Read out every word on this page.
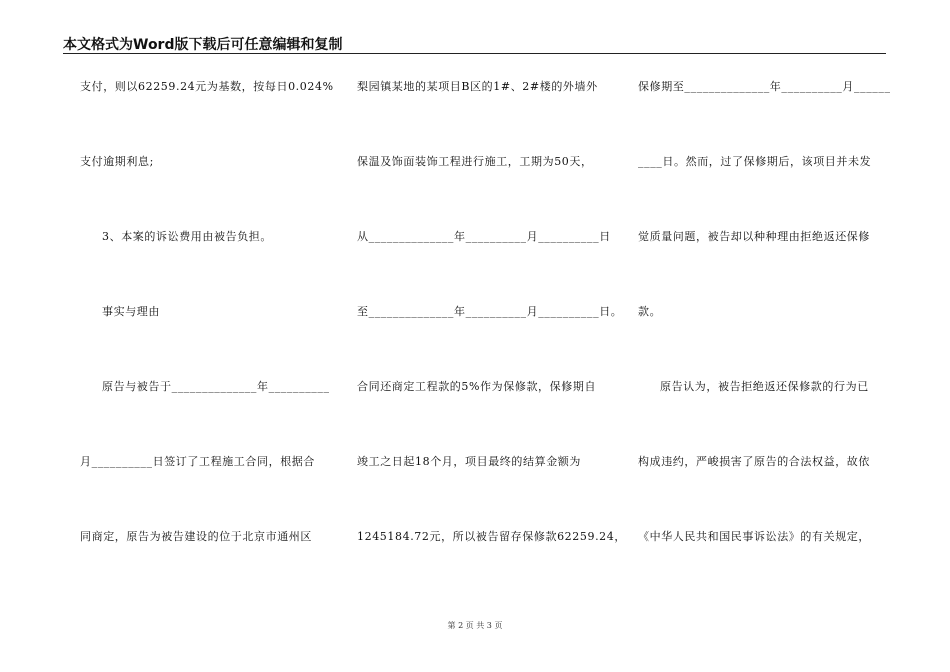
本文格式为Word版下载后可任意编辑和复制
支付，则以62259.24元为基数，按每日0.024%
支付逾期利息;
3、本案的诉讼费用由被告负担。
事实与理由
原告与被告于______________年__________
月__________日签订了工程施工合同，根据合
同商定，原告为被告建设的位于北京市通州区
梨园镇某地的某项目B区的1#、2#楼的外墙外
保温及饰面装饰工程进行施工，工期为50天，
从______________年__________月__________日
至______________年__________月__________日。
合同还商定工程款的5%作为保修款，保修期自
竣工之日起18个月，项目最终的结算金额为
1245184.72元，所以被告留存保修款62259.24，
保修期至______________年__________月______
____日。然而，过了保修期后，该项目并未发
觉质量问题，被告却以种种理由拒绝返还保修
款。
原告认为，被告拒绝返还保修款的行为已
构成违约，严峻损害了原告的合法权益，故依
《中华人民共和国民事诉讼法》的有关规定，
第 2 页 共 3 页
